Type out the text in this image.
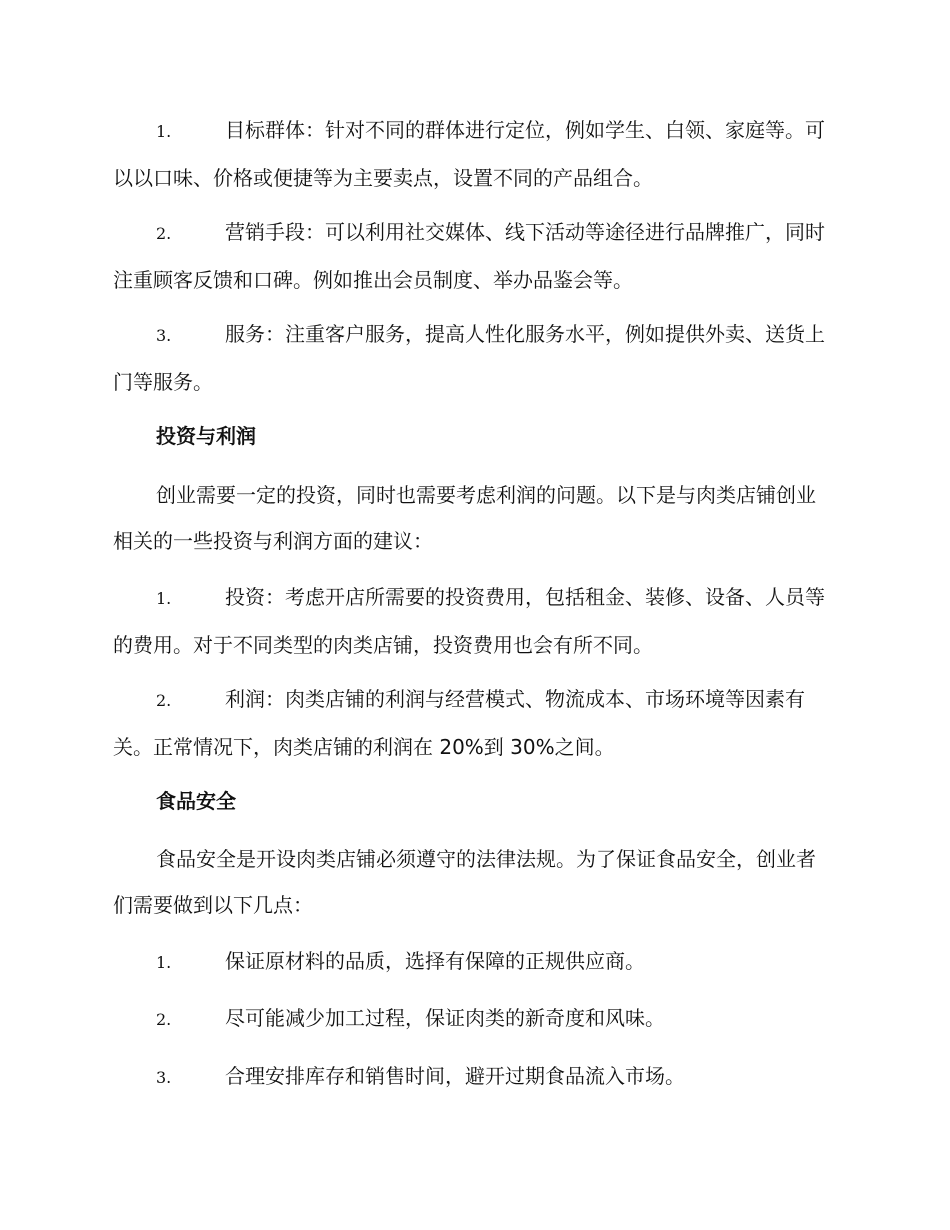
1.	目标群体：针对不同的群体进行定位，例如学生、白领、家庭等。可以以口味、价格或便捷等为主要卖点，设置不同的产品组合。

2.	营销手段：可以利用社交媒体、线下活动等途径进行品牌推广，同时注重顾客反馈和口碑。例如推出会员制度、举办品鉴会等。

3.	服务：注重客户服务，提高人性化服务水平，例如提供外卖、送货上门等服务。

投资与利润

创业需要一定的投资，同时也需要考虑利润的问题。以下是与肉类店铺创业相关的一些投资与利润方面的建议：

1.	投资：考虑开店所需要的投资费用，包括租金、装修、设备、人员等的费用。对于不同类型的肉类店铺，投资费用也会有所不同。

2.	利润：肉类店铺的利润与经营模式、物流成本、市场环境等因素有关。正常情况下，肉类店铺的利润在 20%到 30%之间。

食品安全

食品安全是开设肉类店铺必须遵守的法律法规。为了保证食品安全，创业者们需要做到以下几点：

1.	保证原材料的品质，选择有保障的正规供应商。

2.	尽可能减少加工过程，保证肉类的新奇度和风味。

3.	合理安排库存和销售时间，避开过期食品流入市场。
